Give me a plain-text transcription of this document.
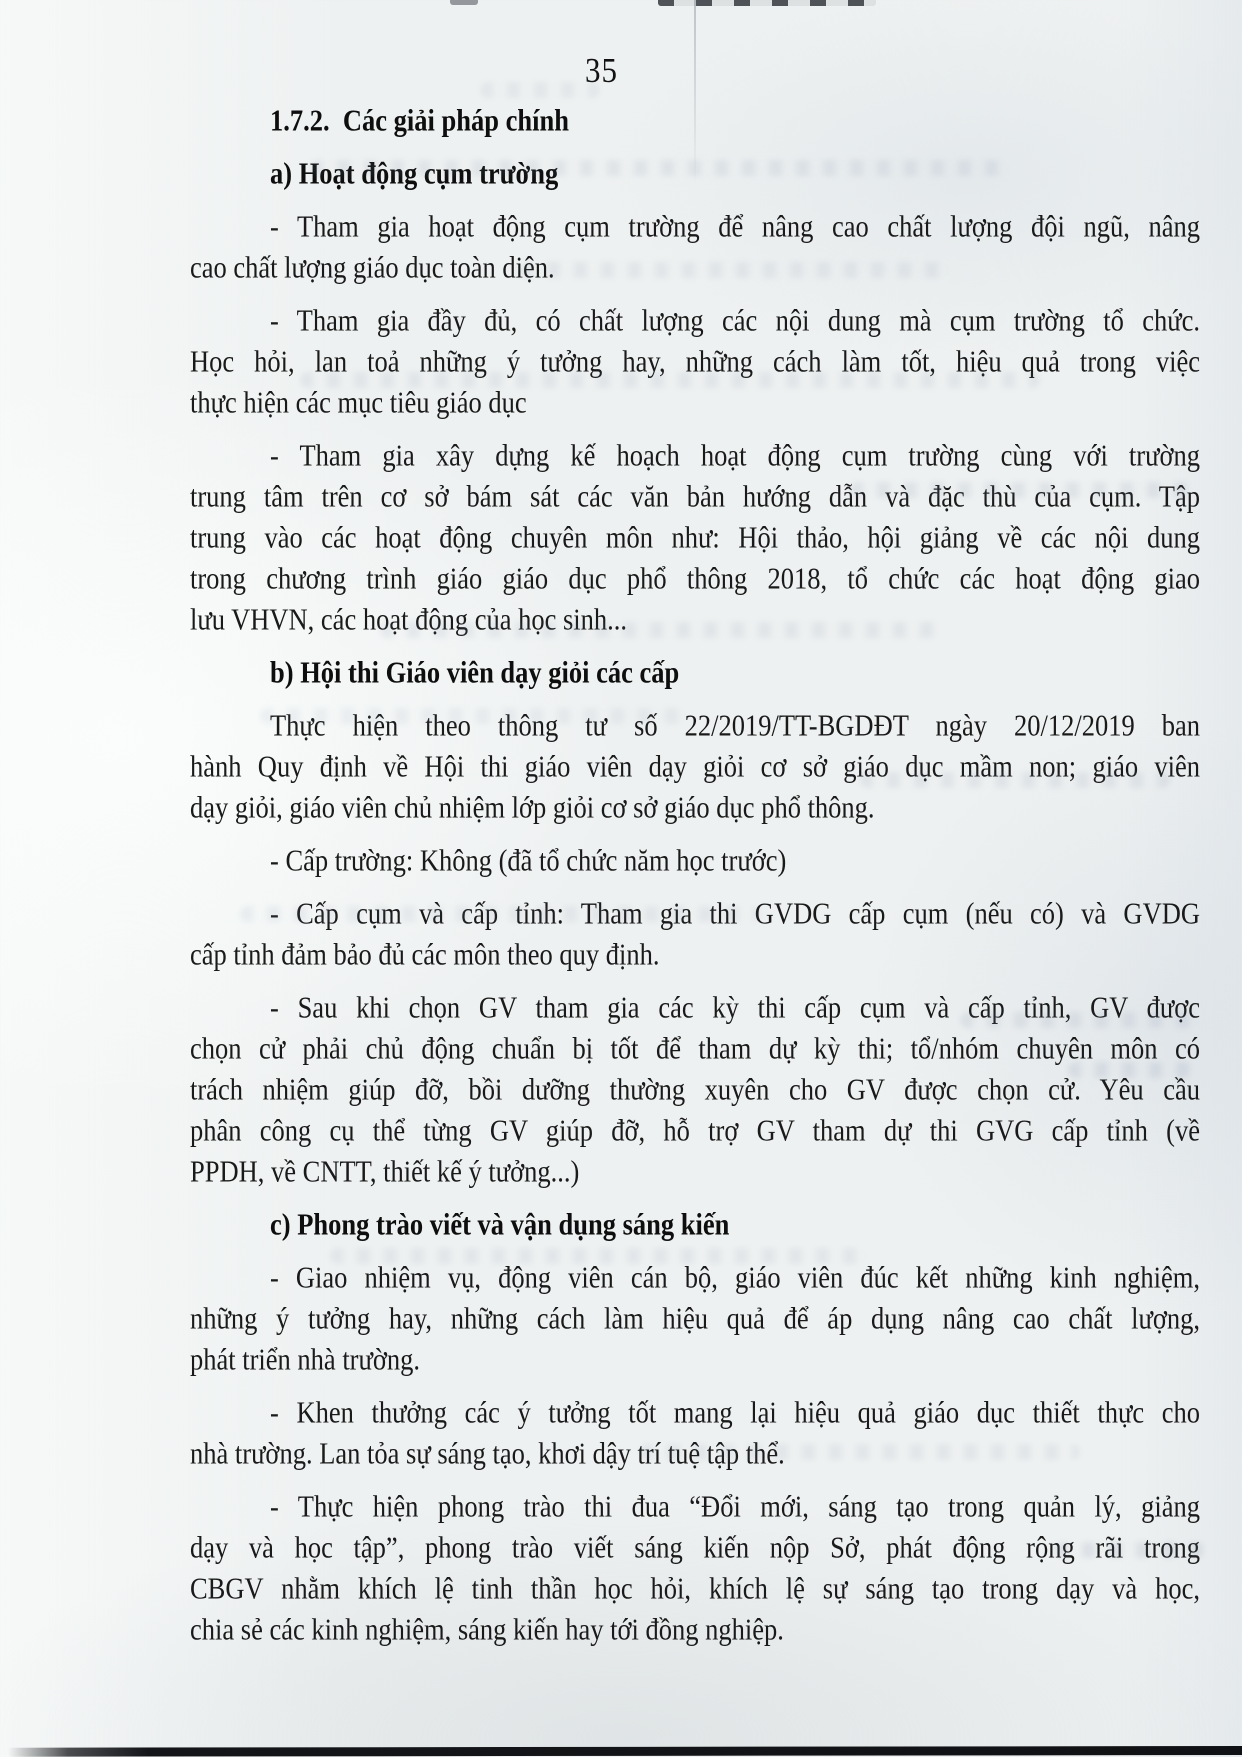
35
1.7.2.  Các giải pháp chính
a) Hoạt động cụm trường
- Tham gia hoạt động cụm trường để nâng cao chất lượng đội ngũ, nâng
cao chất lượng giáo dục toàn diện.
- Tham gia đầy đủ, có chất lượng các nội dung mà cụm trường tổ chức.
Học hỏi, lan toả những ý tưởng hay, những cách làm tốt, hiệu quả trong việc
thực hiện các mục tiêu giáo dục
- Tham gia xây dựng kế hoạch hoạt động cụm trường cùng với trường
trung tâm trên cơ sở bám sát các văn bản hướng dẫn và đặc thù của cụm. Tập
trung vào các hoạt động chuyên môn như: Hội thảo, hội giảng về các nội dung
trong chương trình giáo giáo dục phổ thông 2018, tổ chức các hoạt động giao
lưu VHVN, các hoạt động của học sinh...
b) Hội thi Giáo viên dạy giỏi các cấp
Thực hiện theo thông tư số 22/2019/TT-BGDĐT ngày 20/12/2019 ban
hành Quy định về Hội thi giáo viên dạy giỏi cơ sở giáo dục mầm non; giáo viên
dạy giỏi, giáo viên chủ nhiệm lớp giỏi cơ sở giáo dục phổ thông.
- Cấp trường: Không (đã tổ chức năm học trước)
- Cấp cụm và cấp tỉnh: Tham gia thi GVDG cấp cụm (nếu có) và GVDG
cấp tỉnh đảm bảo đủ các môn theo quy định.
- Sau khi chọn GV tham gia các kỳ thi cấp cụm và cấp tỉnh, GV được
chọn cử phải chủ động chuẩn bị tốt để tham dự kỳ thi; tổ/nhóm chuyên môn có
trách nhiệm giúp đỡ, bồi dưỡng thường xuyên cho GV được chọn cử. Yêu cầu
phân công cụ thể từng GV giúp đỡ, hỗ trợ GV tham dự thi GVG cấp tỉnh (về
PPDH, về CNTT, thiết kế ý tưởng...)
c) Phong trào viết và vận dụng sáng kiến
- Giao nhiệm vụ, động viên cán bộ, giáo viên đúc kết những kinh nghiệm,
những ý tưởng hay, những cách làm hiệu quả để áp dụng nâng cao chất lượng,
phát triển nhà trường.
- Khen thưởng các ý tưởng tốt mang lại hiệu quả giáo dục thiết thực cho
nhà trường. Lan tỏa sự sáng tạo, khơi dậy trí tuệ tập thể.
- Thực hiện phong trào thi đua “Đổi mới, sáng tạo trong quản lý, giảng
dạy và học tập”, phong trào viết sáng kiến nộp Sở, phát động rộng rãi trong
CBGV nhằm khích lệ tinh thần học hỏi, khích lệ sự sáng tạo trong dạy và học,
chia sẻ các kinh nghiệm, sáng kiến hay tới đồng nghiệp.
